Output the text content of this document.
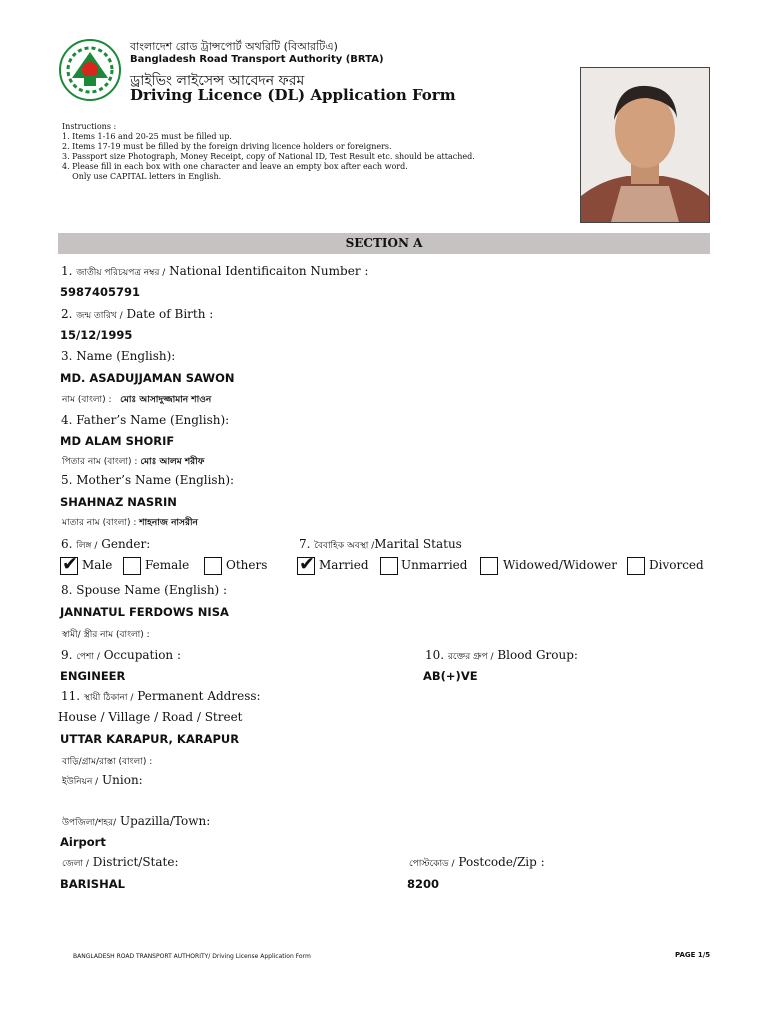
বাংলাদেশ রোড ট্রান্সপোর্ট অথরিটি (বিআরটিএ)
Bangladesh Road Transport Authority (BRTA)
ড্রাইভিং লাইসেন্স আবেদন ফরম
Driving Licence (DL) Application Form
Instructions :
1. Items 1-16 and 20-25 must be filled up.
2. Items 17-19 must be filled by the foreign driving licence holders or foreigners.
3. Passport size Photograph, Money Receipt, copy of National ID, Test Result etc. should be attached.
4. Please fill in each box with one character and leave an empty box after each word.
Only use CAPITAL letters in English.
SECTION A
1. জাতীয় পরিচয়পত্র নম্বর / National Identificaiton Number :
5987405791
2. জন্ম তারিখ / Date of Birth :
15/12/1995
3. Name (English):
MD. ASADUJJAMAN SAWON
নাম (বাংলা) : মোঃ আসাদুজ্জামান শাওন
4. Father’s Name (English):
MD ALAM SHORIF
পিতার নাম (বাংলা) : মোঃ আলম শরীফ
5. Mother’s Name (English):
SHAHNAZ NASRIN
মাতার নাম (বাংলা) : শাহনাজ নাসরীন
6. লিঙ্গ / Gender:
✔ Male	Female	Others
7. বৈবাহিক অবস্থা /Marital Status
✔ Married	Unmarried	Widowed/Widower	Divorced
8. Spouse Name (English) :
JANNATUL FERDOWS NISA
স্বামী/ স্ত্রীর নাম (বাংলা) :
9. পেশা / Occupation :
ENGINEER
10. রক্তের গ্রুপ / Blood Group:
AB(+)VE
11. স্থায়ী ঠিকানা / Permanent Address:
House / Village / Road / Street
UTTAR KARAPUR, KARAPUR
বাড়ি/গ্রাম/রাস্তা (বাংলা) :
ইউনিয়ন / Union:
উপজিলা/শহর/ Upazilla/Town:
Airport
জেলা / District/State:
BARISHAL
পোস্টকোড / Postcode/Zip :
8200
BANGLADESH ROAD TRANSPORT AUTHORITY/ Driving License Application Form	PAGE 1/5
